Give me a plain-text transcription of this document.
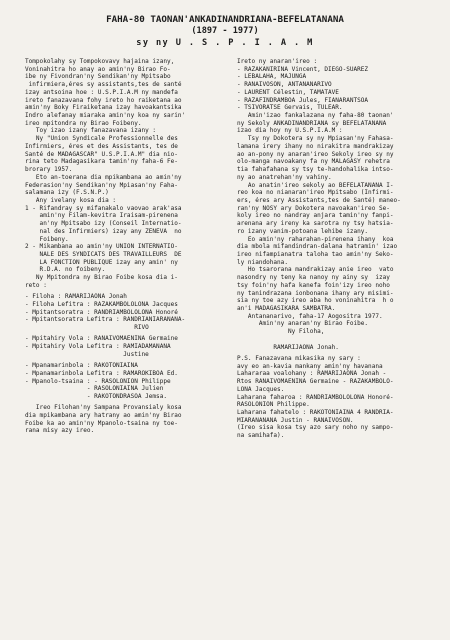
FAHA-80 TAONAN'ANKADINANDRIANA-BEFELATANANA
(1897 - 1977)
sy ny U . S . P . I . A . M
Tompokolahy sy Tompokovavy hajaina izany,
Voninahitra ho anay ao amin'ny Birao Fo-
ibe ny Fivondran'ny Sendikan'ny Mpitsabo
infirmiera,éres sy assistants,tes de santé
izay antsoina hoe : U.S.P.I.A.M ny mandefa
ireto fanazavana fohy ireto ho raiketana ao
amin'ny Boky Firaiketana izay havoakantsika
Indro alefanay miaraka amin'ny koa ny sarin'
ireo mpitondra ny Birao Foibeny.
Toy izao izany fanazavana izany :
Ny "Union Syndicale Professionnelle des
Infirmiers, éres et des Assistants, tes de
Santé de MADAGASCAR" U.S.P.I.A.M" dia nio-
rina teto Madagasikara tamin'ny faha-6 Fe-
brorary 1957.
Eto an-toerana dia mpikambana ao amin'ny
Federasion'ny Sendikan'ny Mpiasan'ny Faha-
salamana izy (F.S.N.P.)
Any ivelany kosa dia :
1 - Rifandray sy mifanakalo vaovao arak'asa
amin'ny Filam-kevitra Iraisam-pirenena
an'ny Mpitsabo izy (Conseil Internatio-
nal des Infirmiers) izay any ZENEVA  no
Foibeny.
2 - Mikambana ao amin'ny UNION INTERNATIO-
NALE DES SYNDICATS DES TRAVAILLEURS  DE
LA FONCTION PUBLIQUE izay any amin' ny
R.D.A. no foibeny.
Ny Mpitondra ny Birao Foibe kosa dia i-
reto :
- Filoha : RAMARIJAONA Jonah
- Filoha Lefitra : RAZAKAMBOLOLONA Jacques
- Mpitantsoratra : RANDRIAMBOLOLONA Honoré
- Mpitantsoratra Lefitra : RANDRIANIARANANA-
RIVO
- Mpitahiry Vola : RANAIVOMAENINA Germaine
- Mpitahiry Vola Lefitra : RAMIADAMANANA
Justine
- Mpanamarinbola : RAKOTONIAINA
- Mpanamarinbola Lefitra : RAMAROKIBOA Ed.
- Mpanolo-tsaina : - RASOLONION Philippe
- RASOLONIAINA Julien
- RAKOTONDRASOA Jemsa.
Ireo Filohan'ny Sampana Provansialy kosa
dia mpikambana ary hatrany ao amin'ny Birao
Foibe ka ao amin'ny Mpanolo-tsaina ny toe-
rana misy azy ireo.
Ireto ny anaran'ireo :
- RAZAKANIRINA Vincent, DIEGO-SUAREZ
- LEBALAHA, MAJUNGA
- RANAIVOSON, ANTANANARIVO
- LAURENT Célestin, TAMATAVE
- RAZAFINDRAMBOA Jules, FIANARANTSOA
- TSIVORATSE Gervais, TULEAR.
Amin'izao fankalazana ny faha-80 taonan'
ny Sekoly ANKADINANDRIANA sy BEFELATANANA
izao dia hoy ny U.S.P.I.A.M :
Tsy ny Dokotera sy ny Mpiasan'ny Fahasa-
lamana irery ihany no nirakitra mandrakizay
ao an-pony ny anaran'ireo Sekoly ireo sy ny
olo-manga navoakany fa ny MALAGASY rehetra
tia fahafahana sy tsy te-handohalika intso-
ny ao anatrehan'ny vahiny.
Ao anatin'ireo sekoly ao BEFELATANANA I-
reo koa no nianaran'ireo Mpitsabo (Infirmi-
ers, éres ary Assistants,tes de Santé) maneo-
ran'ny NOSY ary Dokotera navoakan'ireo Se-
koly ireo no nandray anjara tamin'ny fanpi-
arenana ary ireny ka sarotra ny tsy hatsia-
ro izany vanim-potoana lehibe izany.
Eo amin'ny raharahan-pirenena ihany  koa
dia mbola mifandindran-dalana hatramin' izao
ireo nifampianatra taloha tao amin'ny Seko-
ly niandohana.
Ho tsarorana mandrakizay anie ireo  vato
nasondry ny teny ka nanoy ny ainy sy  izay
tsy foin'ny hafa kanefa foin'izy ireo noho
ny tanindrazana ionbonana ihany ary misimi-
sia ny toe azy ireo aba ho voninahitra  h o
an'i MADAGASIKARA SAMBATRA.
Antananarivo, faha-17 Aogositra 1977.
Amin'ny anaran'ny Birao Foibe.
Ny Filoha,
RAMARIJAONA Jonah.
P.S. Fanazavana mikasika ny sary :
avy eo an-kavia mankany amin'ny havanana
Lahararaa voalohany : RAMARIJAONA Jonah -
Rtos RANAIVOMAENINA Germaine - RAZAKAMBOLO-
LONA Jacques.
Laharana faharoa : RANDRIAMBOLOLONA Honoré-
RASOLONION Philippe.
Laharana fahatelo : RAKOTONIAINA 4 RANDRIA-
MIARANANANA Justin - RANAIVOSON.
(Ireo sisa kosa tsy azo sary noho ny sampo-
na samihafa).
